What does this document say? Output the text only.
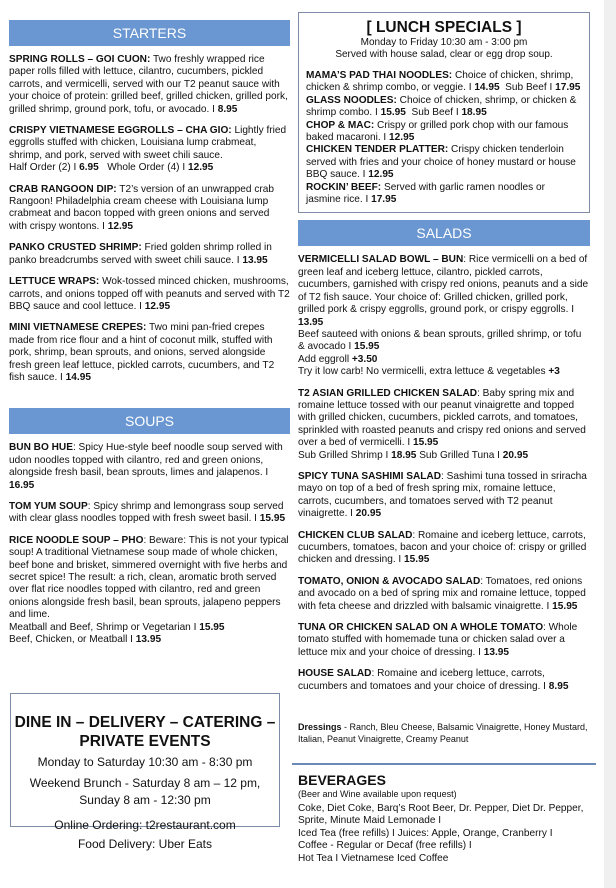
STARTERS

SPRING ROLLS – GOI CUON: Two freshly wrapped rice paper rolls filled with lettuce, cilantro, cucumbers, pickled carrots, and vermicelli, served with our T2 peanut sauce with your choice of protein: grilled beef, grilled chicken, grilled pork, grilled shrimp, ground pork, tofu, or avocado. I 8.95

CRISPY VIETNAMESE EGGROLLS – CHA GIO: Lightly fried eggrolls stuffed with chicken, Louisiana lump crabmeat, shrimp, and pork, served with sweet chili sauce.
Half Order (2) I 6.95 Whole Order (4) I 12.95

CRAB RANGOON DIP: T2’s version of an unwrapped crab Rangoon! Philadelphia cream cheese with Louisiana lump crabmeat and bacon topped with green onions and served with crispy wontons. I 12.95

PANKO CRUSTED SHRIMP: Fried golden shrimp rolled in panko breadcrumbs served with sweet chili sauce. I 13.95

LETTUCE WRAPS: Wok-tossed minced chicken, mushrooms, carrots, and onions topped off with peanuts and served with T2 BBQ sauce and cool lettuce. I 12.95

MINI VIETNAMESE CREPES: Two mini pan-fried crepes made from rice flour and a hint of coconut milk, stuffed with pork, shrimp, bean sprouts, and onions, served alongside fresh green leaf lettuce, pickled carrots, cucumbers, and T2 fish sauce. I 14.95

SOUPS

BUN BO HUE: Spicy Hue-style beef noodle soup served with udon noodles topped with cilantro, red and green onions, alongside fresh basil, bean sprouts, limes and jalapenos. I 16.95

TOM YUM SOUP: Spicy shrimp and lemongrass soup served with clear glass noodles topped with fresh sweet basil. I 15.95

RICE NOODLE SOUP – PHO: Beware: This is not your typical soup! A traditional Vietnamese soup made of whole chicken, beef bone and brisket, simmered overnight with five herbs and secret spice! The result: a rich, clean, aromatic broth served over flat rice noodles topped with cilantro, red and green onions alongside fresh basil, bean sprouts, jalapeno peppers and lime.
Meatball and Beef, Shrimp or Vegetarian I 15.95
Beef, Chicken, or Meatball I 13.95

DINE IN – DELIVERY – CATERING – PRIVATE EVENTS
Monday to Saturday 10:30 am - 8:30 pm
Weekend Brunch - Saturday 8 am – 12 pm,
Sunday 8 am - 12:30 pm
Online Ordering: t2restaurant.com
Food Delivery: Uber Eats
[ LUNCH SPECIALS ]
Monday to Friday 10:30 am - 3:00 pm
Served with house salad, clear or egg drop soup.

MAMA’S PAD THAI NOODLES: Choice of chicken, shrimp, chicken & shrimp combo, or veggie. I 14.95  Sub Beef I 17.95

GLASS NOODLES: Choice of chicken, shrimp, or chicken & shrimp combo. I 15.95  Sub Beef I 18.95

CHOP & MAC: Crispy or grilled pork chop with our famous baked macaroni. I 12.95

CHICKEN TENDER PLATTER: Crispy chicken tenderloin served with fries and your choice of honey mustard or house BBQ sauce. I 12.95

ROCKIN’ BEEF: Served with garlic ramen noodles or jasmine rice. I 17.95

SALADS

VERMICELLI SALAD BOWL – BUN: Rice vermicelli on a bed of green leaf and iceberg lettuce, cilantro, pickled carrots, cucumbers, garnished with crispy red onions, peanuts and a side of T2 fish sauce. Your choice of: Grilled chicken, grilled pork, grilled pork & crispy eggrolls, ground pork, or crispy eggrolls. I 13.95
Beef sauteed with onions & bean sprouts, grilled shrimp, or tofu & avocado I 15.95
Add eggroll +3.50
Try it low carb! No vermicelli, extra lettuce & vegetables +3

T2 ASIAN GRILLED CHICKEN SALAD: Baby spring mix and romaine lettuce tossed with our peanut vinaigrette and topped with grilled chicken, cucumbers, pickled carrots, and tomatoes, sprinkled with roasted peanuts and crispy red onions and served over a bed of vermicelli. I 15.95
Sub Grilled Shrimp I 18.95 Sub Grilled Tuna I 20.95

SPICY TUNA SASHIMI SALAD: Sashimi tuna tossed in sriracha mayo on top of a bed of fresh spring mix, romaine lettuce, carrots, cucumbers, and tomatoes served with T2 peanut vinaigrette. I 20.95

CHICKEN CLUB SALAD: Romaine and iceberg lettuce, carrots, cucumbers, tomatoes, bacon and your choice of: crispy or grilled chicken and dressing. I 15.95

TOMATO, ONION & AVOCADO SALAD: Tomatoes, red onions and avocado on a bed of spring mix and romaine lettuce, topped with feta cheese and drizzled with balsamic vinaigrette. I 15.95

TUNA OR CHICKEN SALAD ON A WHOLE TOMATO: Whole tomato stuffed with homemade tuna or chicken salad over a lettuce mix and your choice of dressing. I 13.95

HOUSE SALAD: Romaine and iceberg lettuce, carrots, cucumbers and tomatoes and your choice of dressing. I 8.95

Dressings - Ranch, Bleu Cheese, Balsamic Vinaigrette, Honey Mustard, Italian, Peanut Vinaigrette, Creamy Peanut
BEVERAGES
(Beer and Wine available upon request)
Coke, Diet Coke, Barq’s Root Beer, Dr. Pepper, Diet Dr. Pepper, Sprite, Minute Maid Lemonade I
Iced Tea (free refills) I Juices: Apple, Orange, Cranberry I
Coffee - Regular or Decaf (free refills) I
Hot Tea I Vietnamese Iced Coffee
